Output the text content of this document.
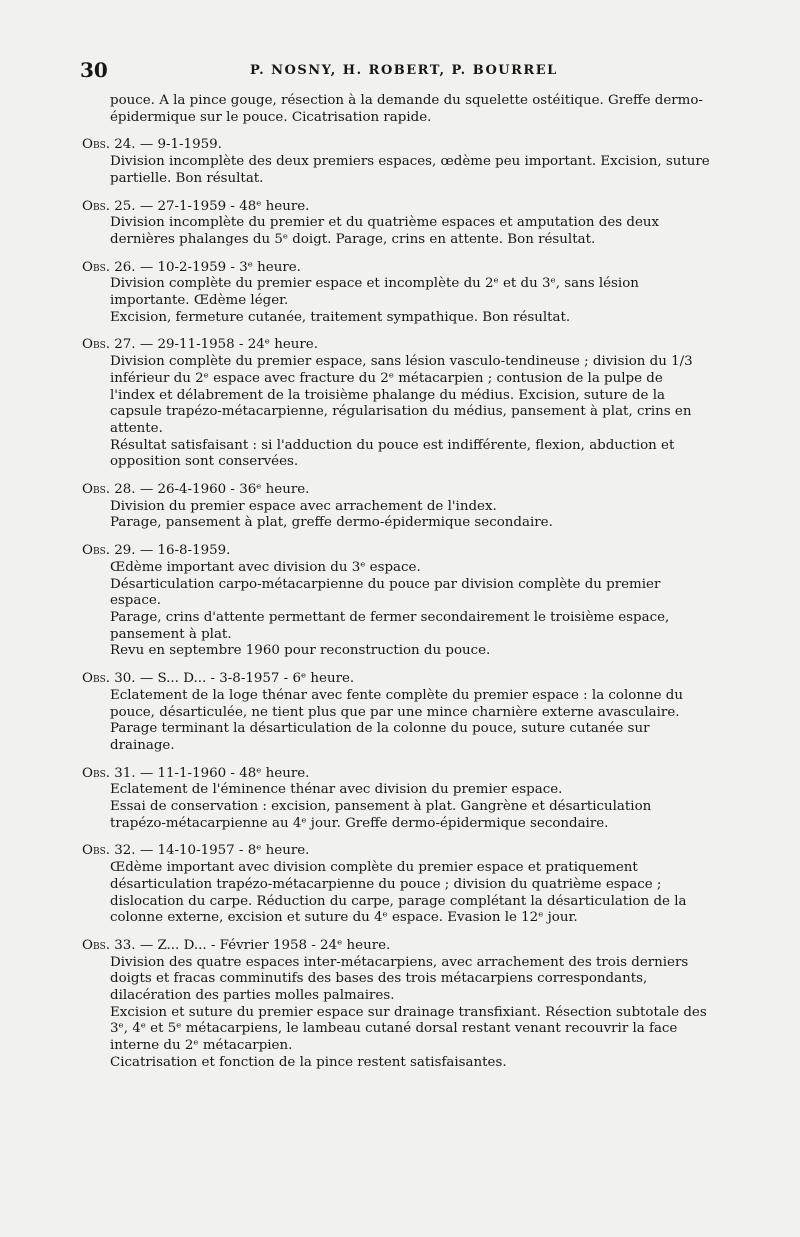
30	P. NOSNY, H. ROBERT, P. BOURREL

pouce. A la pince gouge, résection à la demande du squelette ostéitique. Greffe dermo-épidermique sur le pouce. Cicatrisation rapide.

Obs. 24. — 9-1-1959.

Division incomplète des deux premiers espaces, œdème peu important. Excision, suture partielle. Bon résultat.

Obs. 25. — 27-1-1959 - 48ᵉ heure.

Division incomplète du premier et du quatrième espaces et amputation des deux dernières phalanges du 5ᵉ doigt. Parage, crins en attente. Bon résultat.

Obs. 26. — 10-2-1959 - 3ᵉ heure.

Division complète du premier espace et incomplète du 2ᵉ et du 3ᵉ, sans lésion importante. Œdème léger.

Excision, fermeture cutanée, traitement sympathique. Bon résultat.

Obs. 27. — 29-11-1958 - 24ᵉ heure.

Division complète du premier espace, sans lésion vasculo-tendineuse ; division du 1/3 inférieur du 2ᵉ espace avec fracture du 2ᵉ métacarpien ; contusion de la pulpe de l'index et délabrement de la troisième phalange du médius. Excision, suture de la capsule trapézo-métacarpienne, régularisation du médius, pansement à plat, crins en attente.

Résultat satisfaisant : si l'adduction du pouce est indifférente, flexion, abduction et opposition sont conservées.

Obs. 28. — 26-4-1960 - 36ᵉ heure.

Division du premier espace avec arrachement de l'index.

Parage, pansement à plat, greffe dermo-épidermique secondaire.

Obs. 29. — 16-8-1959.

Œdème important avec division du 3ᵉ espace.

Désarticulation carpo-métacarpienne du pouce par division complète du premier espace.

Parage, crins d'attente permettant de fermer secondairement le troisième espace, pansement à plat.

Revu en septembre 1960 pour reconstruction du pouce.

Obs. 30. — S... D... - 3-8-1957 - 6ᵉ heure.

Eclatement de la loge thénar avec fente complète du premier espace : la colonne du pouce, désarticulée, ne tient plus que par une mince charnière externe avasculaire.

Parage terminant la désarticulation de la colonne du pouce, suture cutanée sur drainage.

Obs. 31. — 11-1-1960 - 48ᵉ heure.

Eclatement de l'éminence thénar avec division du premier espace.

Essai de conservation : excision, pansement à plat. Gangrène et désarticulation trapézo-métacarpienne au 4ᵉ jour. Greffe dermo-épidermique secondaire.

Obs. 32. — 14-10-1957 - 8ᵉ heure.

Œdème important avec division complète du premier espace et pratiquement désarticulation trapézo-métacarpienne du pouce ; division du quatrième espace ; dislocation du carpe. Réduction du carpe, parage complétant la désarticulation de la colonne externe, excision et suture du 4ᵉ espace. Evasion le 12ᵉ jour.

Obs. 33. — Z... D... - Février 1958 - 24ᵉ heure.

Division des quatre espaces inter-métacarpiens, avec arrachement des trois derniers doigts et fracas comminutifs des bases des trois métacarpiens correspondants, dilacération des parties molles palmaires.

Excision et suture du premier espace sur drainage transfixiant. Résection subtotale des 3ᵉ, 4ᵉ et 5ᵉ métacarpiens, le lambeau cutané dorsal restant venant recouvrir la face interne du 2ᵉ métacarpien.

Cicatrisation et fonction de la pince restent satisfaisantes.
